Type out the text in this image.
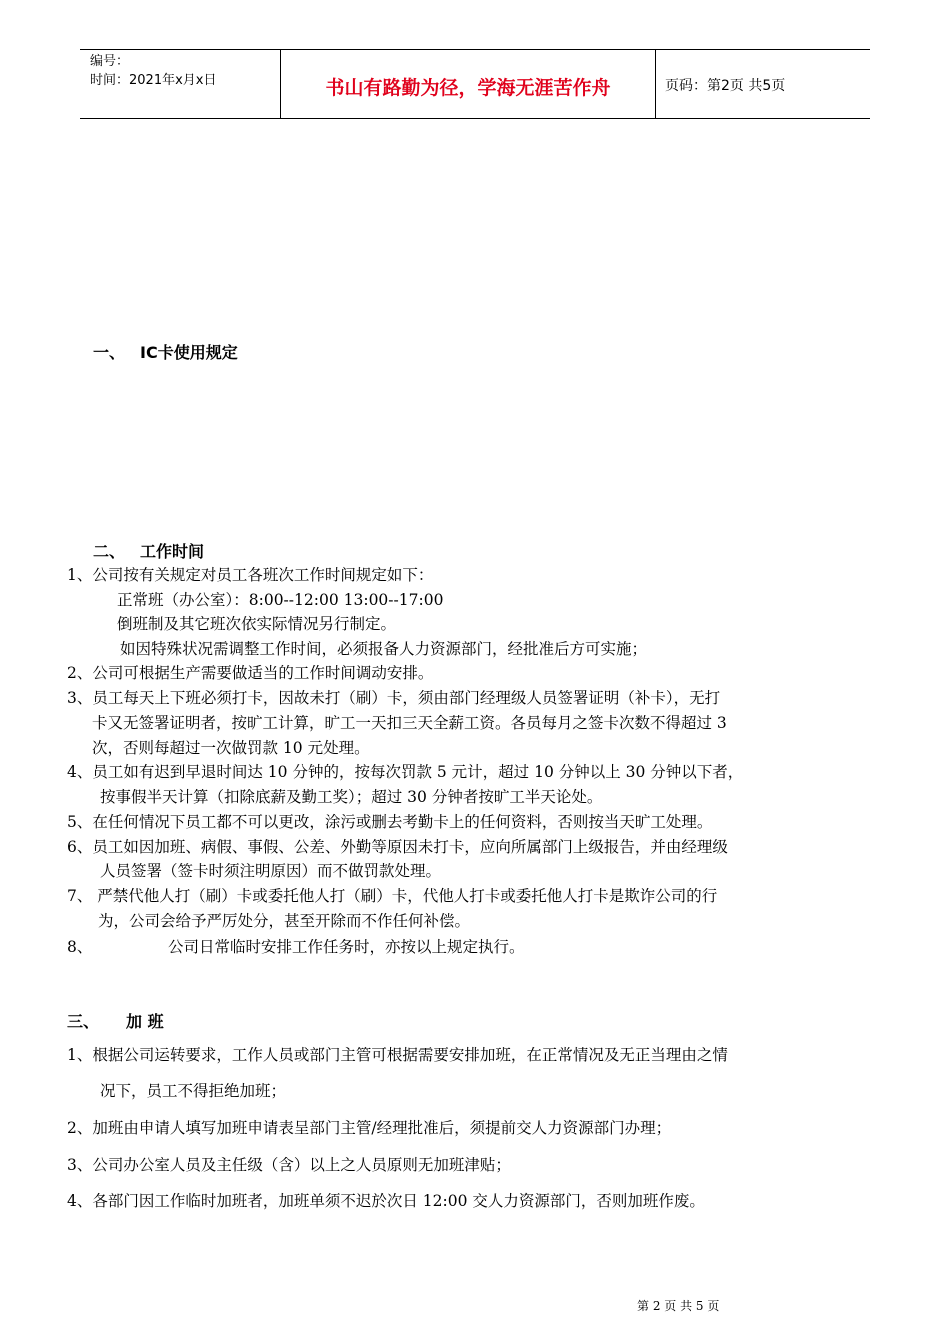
编号：
时间：2021年x月x日	书山有路勤为径，学海无涯苦作舟	页码：第2页 共5页
一、 IC卡使用规定
二、 工作时间
1、公司按有关规定对员工各班次工作时间规定如下：
正常班（办公室）：8:00--12:00 13:00--17:00
倒班制及其它班次依实际情况另行制定。
如因特殊状况需调整工作时间，必须报备人力资源部门，经批准后方可实施；
2、公司可根据生产需要做适当的工作时间调动安排。
3、员工每天上下班必须打卡，因故未打（刷）卡，须由部门经理级人员签署证明（补卡），无打
卡又无签署证明者，按旷工计算，旷工一天扣三天全薪工资。各员每月之签卡次数不得超过 3
次，否则每超过一次做罚款 10 元处理。
4、员工如有迟到早退时间达 10 分钟的，按每次罚款 5 元计，超过 10 分钟以上 30 分钟以下者，
按事假半天计算（扣除底薪及勤工奖）；超过 30 分钟者按旷工半天论处。
5、在任何情况下员工都不可以更改，涂污或删去考勤卡上的任何资料，否则按当天旷工处理。
6、员工如因加班、病假、事假、公差、外勤等原因未打卡，应向所属部门上级报告，并由经理级
人员签署（签卡时须注明原因）而不做罚款处理。
7、 严禁代他人打（刷）卡或委托他人打（刷）卡，代他人打卡或委托他人打卡是欺诈公司的行
为，公司会给予严厉处分，甚至开除而不作任何补偿。
8、	公司日常临时安排工作任务时，亦按以上规定执行。
三、 加 班
1、根据公司运转要求，工作人员或部门主管可根据需要安排加班，在正常情况及无正当理由之情
况下，员工不得拒绝加班；
2、加班由申请人填写加班申请表呈部门主管/经理批准后，须提前交人力资源部门办理；
3、公司办公室人员及主任级（含）以上之人员原则无加班津贴；
4、各部门因工作临时加班者，加班单须不迟於次日 12:00 交人力资源部门，否则加班作废。
第 2 页 共 5 页
